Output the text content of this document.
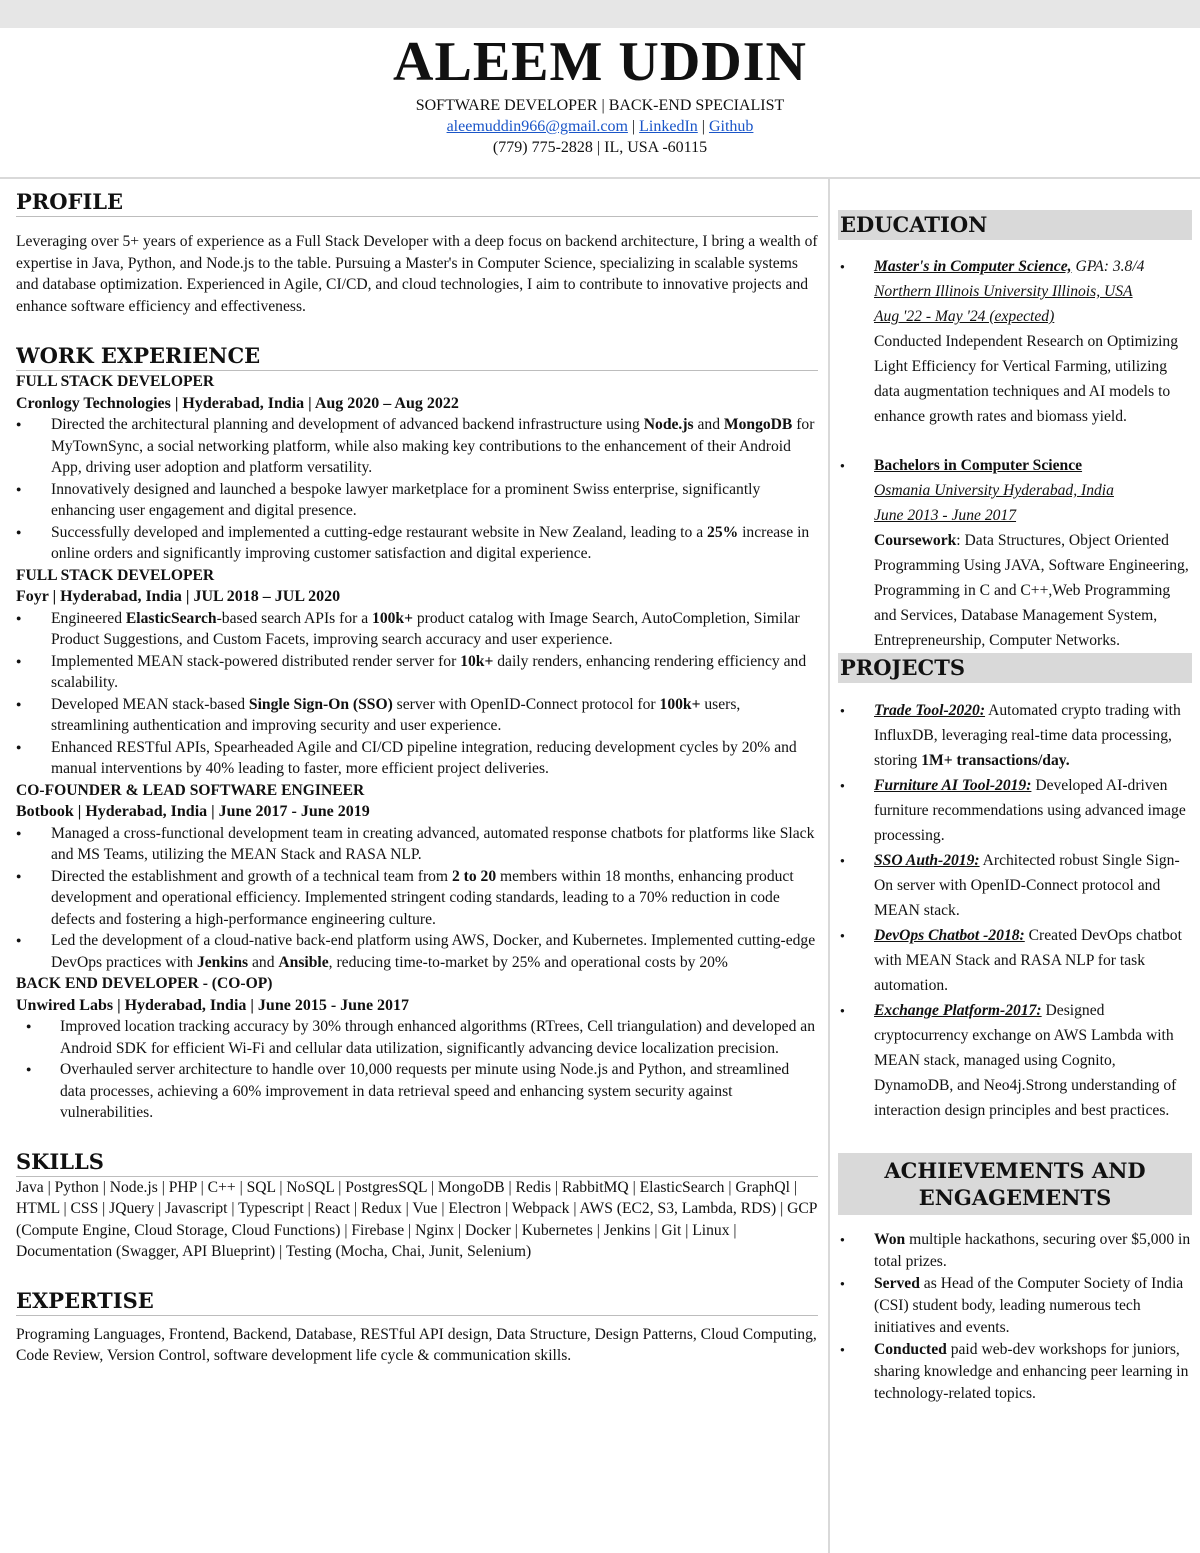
ALEEM UDDIN
SOFTWARE DEVELOPER | BACK-END SPECIALIST
aleemuddin966@gmail.com | LinkedIn | Github
(779) 775-2828 | IL, USA -60115
PROFILE

Leveraging over 5+ years of experience as a Full Stack Developer with a deep focus on backend architecture, I bring a wealth of expertise in Java, Python, and Node.js to the table. Pursuing a Master's in Computer Science, specializing in scalable systems and database optimization. Experienced in Agile, CI/CD, and cloud technologies, I aim to contribute to innovative projects and enhance software efficiency and effectiveness.

WORK EXPERIENCE
FULL STACK DEVELOPER
Cronlogy Technologies | Hyderabad, India | Aug 2020 – Aug 2022
● Directed the architectural planning and development of advanced backend infrastructure using Node.js and MongoDB for MyTownSync, a social networking platform, while also making key contributions to the enhancement of their Android App, driving user adoption and platform versatility.
● Innovatively designed and launched a bespoke lawyer marketplace for a prominent Swiss enterprise, significantly enhancing user engagement and digital presence.
● Successfully developed and implemented a cutting-edge restaurant website in New Zealand, leading to a 25% increase in online orders and significantly improving customer satisfaction and digital experience.
FULL STACK DEVELOPER
Foyr | Hyderabad, India | JUL 2018 – JUL 2020
● Engineered ElasticSearch-based search APIs for a 100k+ product catalog with Image Search, AutoCompletion, Similar Product Suggestions, and Custom Facets, improving search accuracy and user experience.
● Implemented MEAN stack-powered distributed render server for 10k+ daily renders, enhancing rendering efficiency and scalability.
● Developed MEAN stack-based Single Sign-On (SSO) server with OpenID-Connect protocol for 100k+ users, streamlining authentication and improving security and user experience.
● Enhanced RESTful APIs, Spearheaded Agile and CI/CD pipeline integration, reducing development cycles by 20% and manual interventions by 40% leading to faster, more efficient project deliveries.
CO-FOUNDER & LEAD SOFTWARE ENGINEER
Botbook | Hyderabad, India | June 2017 - June 2019
● Managed a cross-functional development team in creating advanced, automated response chatbots for platforms like Slack and MS Teams, utilizing the MEAN Stack and RASA NLP.
● Directed the establishment and growth of a technical team from 2 to 20 members within 18 months, enhancing product development and operational efficiency. Implemented stringent coding standards, leading to a 70% reduction in code defects and fostering a high-performance engineering culture.
● Led the development of a cloud-native back-end platform using AWS, Docker, and Kubernetes. Implemented cutting-edge DevOps practices with Jenkins and Ansible, reducing time-to-market by 25% and operational costs by 20%
BACK END DEVELOPER - (CO-OP)
Unwired Labs | Hyderabad, India | June 2015 - June 2017
● Improved location tracking accuracy by 30% through enhanced algorithms (RTrees, Cell triangulation) and developed an Android SDK for efficient Wi-Fi and cellular data utilization, significantly advancing device localization precision.
● Overhauled server architecture to handle over 10,000 requests per minute using Node.js and Python, and streamlined data processes, achieving a 60% improvement in data retrieval speed and enhancing system security against vulnerabilities.
SKILLS

Java | Python | Node.js | PHP | C++ | SQL | NoSQL | PostgresSQL | MongoDB | Redis | RabbitMQ | ElasticSearch | GraphQl | HTML | CSS | JQuery | Javascript | Typescript | React | Redux | Vue | Electron | Webpack | AWS (EC2, S3, Lambda, RDS) | GCP (Compute Engine, Cloud Storage, Cloud Functions) | Firebase | Nginx | Docker | Kubernetes | Jenkins | Git | Linux | Documentation (Swagger, API Blueprint) | Testing (Mocha, Chai, Junit, Selenium)

EXPERTISE

Programing Languages, Frontend, Backend, Database, RESTful API design, Data Structure, Design Patterns, Cloud Computing, Code Review, Version Control, software development life cycle & communication skills.

EDUCATION
● Master's in Computer Science, GPA: 3.8/4
Northern Illinois University Illinois, USA
Aug '22 - May '24 (expected)
Conducted Independent Research on Optimizing Light Efficiency for Vertical Farming, utilizing data augmentation techniques and AI models to enhance growth rates and biomass yield.
● Bachelors in Computer Science
Osmania University Hyderabad, India
June 2013 - June 2017
Coursework: Data Structures, Object Oriented Programming Using JAVA, Software Engineering, Programming in C and C++,Web Programming and Services, Database Management System, Entrepreneurship, Computer Networks.
PROJECTS
● Trade Tool-2020: Automated crypto trading with InfluxDB, leveraging real-time data processing, storing 1M+ transactions/day.
● Furniture AI Tool-2019: Developed AI-driven furniture recommendations using advanced image processing.
● SSO Auth-2019: Architected robust Single Sign-On server with OpenID-Connect protocol and MEAN stack.
● DevOps Chatbot -2018: Created DevOps chatbot with MEAN Stack and RASA NLP for task automation.
● Exchange Platform-2017: Designed cryptocurrency exchange on AWS Lambda with MEAN stack, managed using Cognito, DynamoDB, and Neo4j.Strong understanding of interaction design principles and best practices.
ACHIEVEMENTS AND ENGAGEMENTS
● Won multiple hackathons, securing over $5,000 in total prizes.
● Served as Head of the Computer Society of India (CSI) student body, leading numerous tech initiatives and events.
● Conducted paid web-dev workshops for juniors, sharing knowledge and enhancing peer learning in technology-related topics.
